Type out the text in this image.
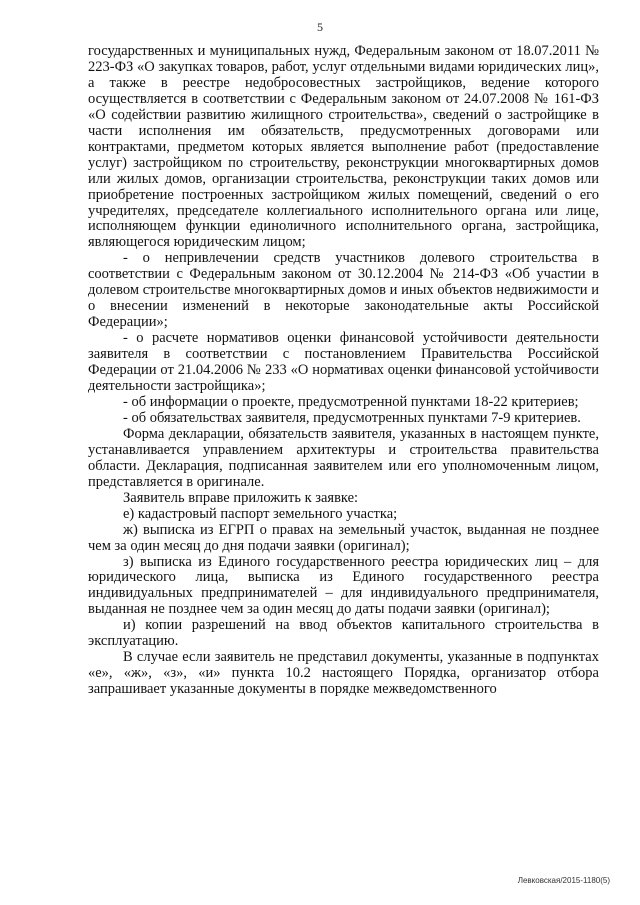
5

государственных и муниципальных нужд, Федеральным законом от 18.07.2011 № 223-ФЗ «О закупках товаров, работ, услуг отдельными видами юридических лиц», а также в реестре недобросовестных застройщиков, ведение которого осуществляется в соответствии с Федеральным законом от 24.07.2008 № 161-ФЗ «О содействии развитию жилищного строительства», сведений о застройщике в части исполнения им обязательств, предусмотренных договорами или контрактами, предметом которых является выполнение работ (предоставление услуг) застройщиком по строительству, реконструкции многоквартирных домов или жилых домов, организации строительства, реконструкции таких домов или приобретение построенных застройщиком жилых помещений, сведений о его учредителях, председателе коллегиального исполнительного органа или лице, исполняющем функции единоличного исполнительного органа, застройщика, являющегося юридическим лицом;

- о непривлечении средств участников долевого строительства в соответствии с Федеральным законом от 30.12.2004 № 214-ФЗ «Об участии в долевом строительстве многоквартирных домов и иных объектов недвижимости и о внесении изменений в некоторые законодательные акты Российской Федерации»;

- о расчете нормативов оценки финансовой устойчивости деятельности заявителя в соответствии с постановлением Правительства Российской Федерации от 21.04.2006 № 233 «О нормативах оценки финансовой устойчивости деятельности застройщика»;

- об информации о проекте, предусмотренной пунктами 18-22 критериев;

- об обязательствах заявителя, предусмотренных пунктами 7-9 критериев.

Форма декларации, обязательств заявителя, указанных в настоящем пункте, устанавливается управлением архитектуры и строительства правительства области. Декларация, подписанная заявителем или его уполномоченным лицом, представляется в оригинале.

Заявитель вправе приложить к заявке:

е) кадастровый паспорт земельного участка;

ж) выписка из ЕГРП о правах на земельный участок, выданная не позднее чем за один месяц до дня подачи заявки (оригинал);

з) выписка из Единого государственного реестра юридических лиц – для юридического лица, выписка из Единого государственного реестра индивидуальных предпринимателей – для индивидуального предпринимателя, выданная не позднее чем за один месяц до даты подачи заявки (оригинал);

и) копии разрешений на ввод объектов капитального строительства в эксплуатацию.

В случае если заявитель не представил документы, указанные в подпунктах «е», «ж», «з», «и» пункта 10.2 настоящего Порядка, организатор отбора запрашивает указанные документы в порядке межведомственного

Левковская/2015-1180(5)
